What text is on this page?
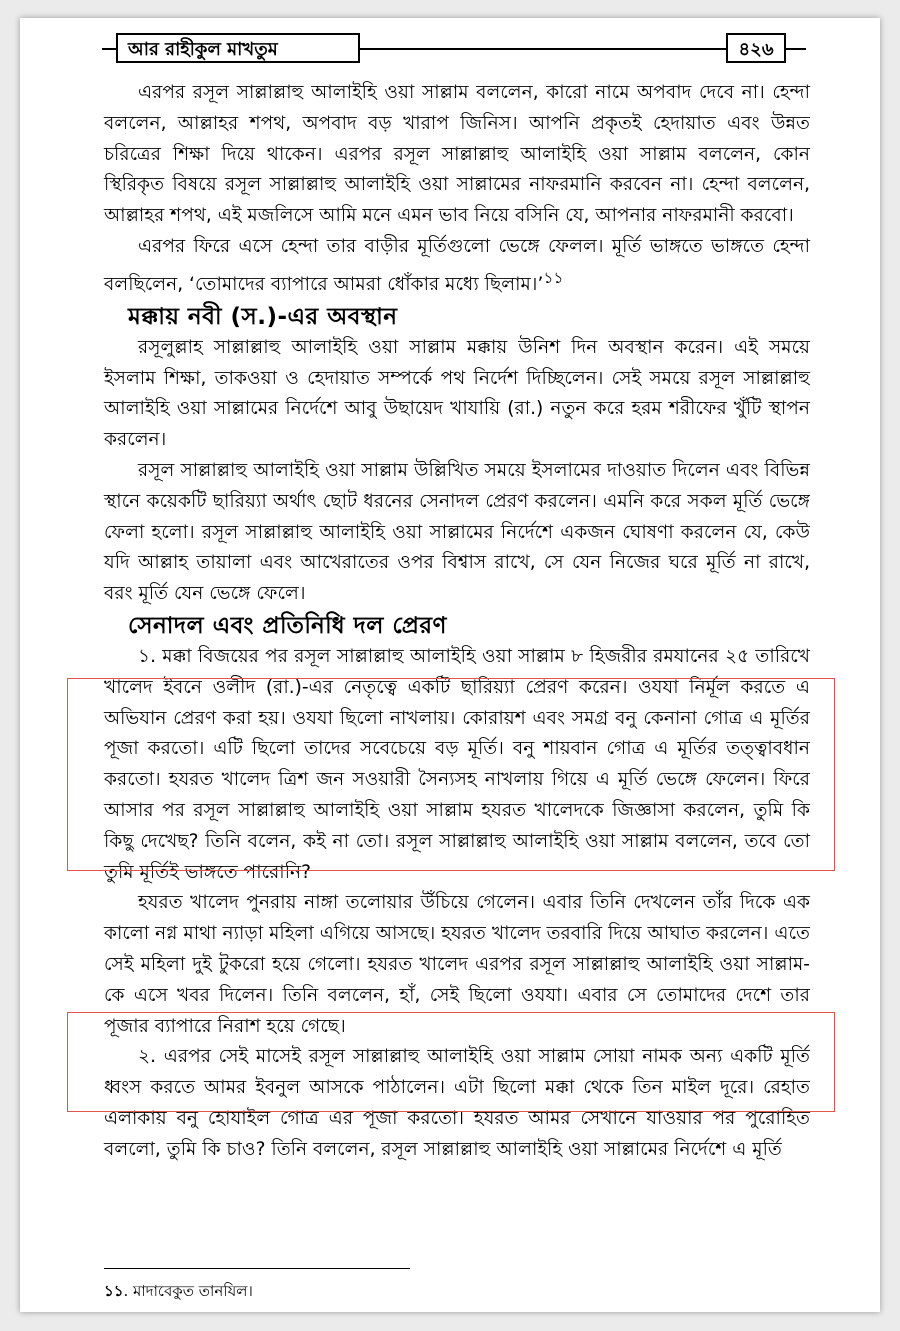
আর রাহীকুল মাখতুম	৪২৬

এরপর রসূল সাল্লাল্লাহু আলাইহি ওয়া সাল্লাম বললেন, কারো নামে অপবাদ দেবে না। হেন্দা বললেন, আল্লাহর শপথ, অপবাদ বড় খারাপ জিনিস। আপনি প্রকৃতই হেদায়াত এবং উন্নত চরিত্রের শিক্ষা দিয়ে থাকেন। এরপর রসূল সাল্লাল্লাহু আলাইহি ওয়া সাল্লাম বললেন, কোন স্থিরিকৃত বিষয়ে রসূল সাল্লাল্লাহু আলাইহি ওয়া সাল্লামের নাফরমানি করবেন না। হেন্দা বললেন, আল্লাহর শপথ, এই মজলিসে আমি মনে এমন ভাব নিয়ে বসিনি যে, আপনার নাফরমানী করবো।

এরপর ফিরে এসে হেন্দা তার বাড়ীর মূর্তিগুলো ভেঙ্গে ফেলল। মূর্তি ভাঙ্গতে ভাঙ্গতে হেন্দা বলছিলেন, ‘তোমাদের ব্যাপারে আমরা ধোঁকার মধ্যে ছিলাম।’$^{১১}$

মক্কায় নবী (স.)-এর অবস্থান

রসূলুল্লাহ সাল্লাল্লাহু আলাইহি ওয়া সাল্লাম মক্কায় উনিশ দিন অবস্থান করেন। এই সময়ে ইসলাম শিক্ষা, তাকওয়া ও হেদায়াত সম্পর্কে পথ নির্দেশ দিচ্ছিলেন। সেই সময়ে রসূল সাল্লাল্লাহু আলাইহি ওয়া সাল্লামের নির্দেশে আবু উছায়েদ খাযায়ি (রা.) নতুন করে হরম শরীফের খুঁটি স্থাপন করলেন।

রসূল সাল্লাল্লাহু আলাইহি ওয়া সাল্লাম উল্লিখিত সময়ে ইসলামের দাওয়াত দিলেন এবং বিভিন্ন স্থানে কয়েকটি ছারিয়্যা অর্থাৎ ছোট ধরনের সেনাদল প্রেরণ করলেন। এমনি করে সকল মূর্তি ভেঙ্গে ফেলা হলো। রসূল সাল্লাল্লাহু আলাইহি ওয়া সাল্লামের নির্দেশে একজন ঘোষণা করলেন যে, কেউ যদি আল্লাহ তায়ালা এবং আখেরাতের ওপর বিশ্বাস রাখে, সে যেন নিজের ঘরে মূর্তি না রাখে, বরং মূর্তি যেন ভেঙ্গে ফেলে।

সেনাদল এবং প্রতিনিধি দল প্রেরণ

১. মক্কা বিজয়ের পর রসূল সাল্লাল্লাহু আলাইহি ওয়া সাল্লাম ৮ হিজরীর রমযানের ২৫ তারিখে খালেদ ইবনে ওলীদ (রা.)-এর নেতৃত্বে একটি ছারিয়্যা প্রেরণ করেন। ওযযা নির্মূল করতে এ অভিযান প্রেরণ করা হয়। ওযযা ছিলো নাখলায়। কোরায়শ এবং সমগ্র বনু কেনানা গোত্র এ মূর্তির পূজা করতো। এটি ছিলো তাদের সবেচেয়ে বড় মূর্তি। বনু শায়বান গোত্র এ মূর্তির তত্ত্বাবধান করতো। হযরত খালেদ ত্রিশ জন সওয়ারী সৈন্যসহ নাখলায় গিয়ে এ মূর্তি ভেঙ্গে ফেলেন। ফিরে আসার পর রসূল সাল্লাল্লাহু আলাইহি ওয়া সাল্লাম হযরত খালেদকে জিজ্ঞাসা করলেন, তুমি কি কিছু দেখেছ? তিনি বলেন, কই না তো। রসূল সাল্লাল্লাহু আলাইহি ওয়া সাল্লাম বললেন, তবে তো তুমি মূর্তিই ভাঙ্গতে পারোনি?

হযরত খালেদ পুনরায় নাঙ্গা তলোয়ার উঁচিয়ে গেলেন। এবার তিনি দেখলেন তাঁর দিকে এক কালো নগ্ন মাথা ন্যাড়া মহিলা এগিয়ে আসছে। হযরত খালেদ তরবারি দিয়ে আঘাত করলেন। এতে সেই মহিলা দুই টুকরো হয়ে গেলো। হযরত খালেদ এরপর রসূল সাল্লাল্লাহু আলাইহি ওয়া সাল্লাম-কে এসে খবর দিলেন। তিনি বললেন, হাঁ, সেই ছিলো ওযযা। এবার সে তোমাদের দেশে তার পূজার ব্যাপারে নিরাশ হয়ে গেছে।

২. এরপর সেই মাসেই রসূল সাল্লাল্লাহু আলাইহি ওয়া সাল্লাম সোয়া নামক অন্য একটি মূর্তি ধ্বংস করতে আমর ইবনুল আসকে পাঠালেন। এটা ছিলো মক্কা থেকে তিন মাইল দূরে। রেহাত এলাকায় বনু হোযাইল গোত্র এর পূজা করতো। হযরত আমর সেখানে যাওয়ার পর পুরোহিত বললো, তুমি কি চাও? তিনি বললেন, রসূল সাল্লাল্লাহু আলাইহি ওয়া সাল্লামের নির্দেশে এ মূর্তি

১১. মাদাবেকুত তানযিল।
